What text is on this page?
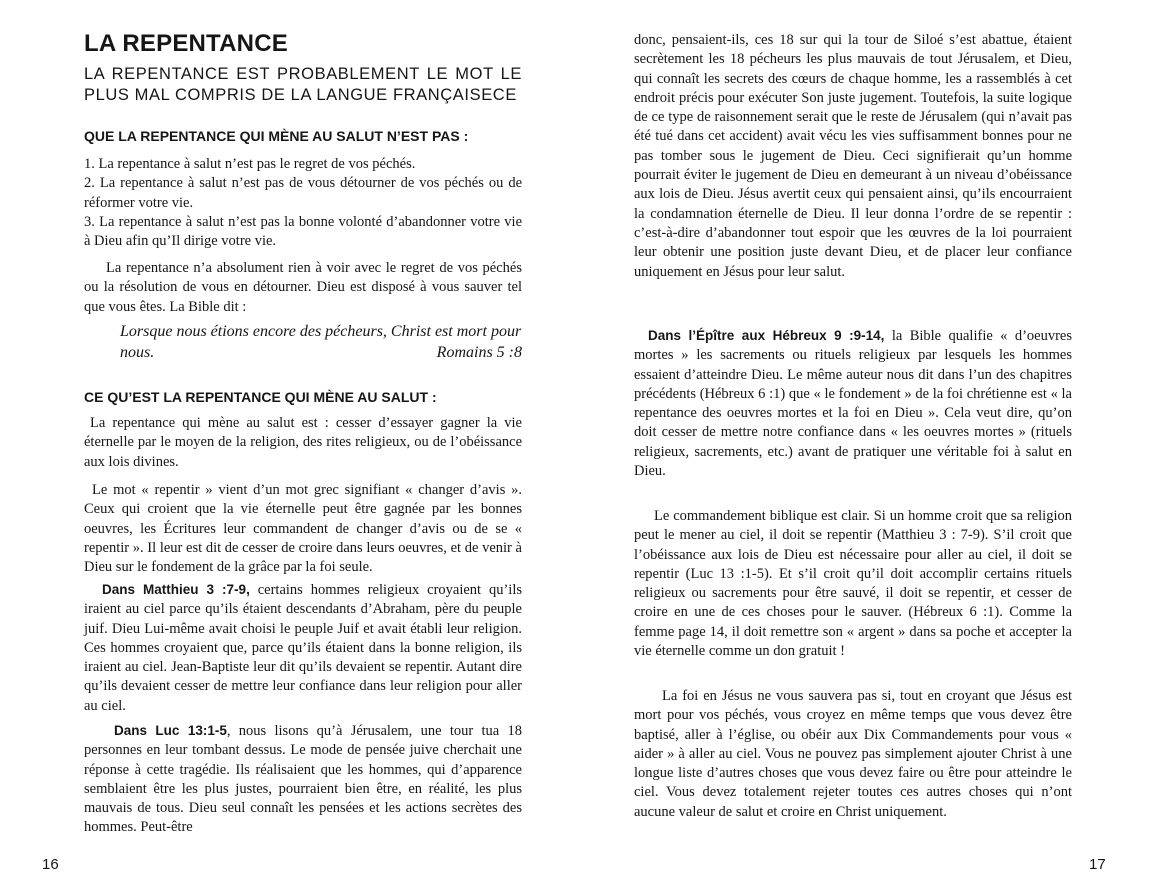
LA REPENTANCE

LA REPENTANCE EST PROBABLEMENT LE MOT LE PLUS MAL COMPRIS DE LA LANGUE FRANÇAISECE

QUE LA REPENTANCE QUI MÈNE AU SALUT N’EST PAS :

1. La repentance à salut n’est pas le regret de vos péchés.
2. La repentance à salut n’est pas de vous détourner de vos péchés ou de réformer votre vie.
3. La repentance à salut n’est pas la bonne volonté d’abandonner votre vie à Dieu afin qu’Il dirige votre vie.

La repentance n’a absolument rien à voir avec le regret de vos péchés ou la résolution de vous en détourner. Dieu est disposé à vous sauver tel que vous êtes. La Bible dit :

Lorsque nous étions encore des pécheurs, Christ est mort pour nous.	Romains 5 :8

CE QU’EST LA REPENTANCE QUI MÈNE AU SALUT :

La repentance qui mène au salut est : cesser d’essayer gagner la vie éternelle par le moyen de la religion, des rites religieux, ou de l’obéissance aux lois divines.

Le mot « repentir » vient d’un mot grec signifiant « changer d’avis ». Ceux qui croient que la vie éternelle peut être gagnée par les bonnes oeuvres, les Écritures leur commandent de changer d’avis ou de se « repentir ». Il leur est dit de cesser de croire dans leurs oeuvres, et de venir à Dieu sur le fondement de la grâce par la foi seule.

Dans Matthieu 3 :7-9, certains hommes religieux croyaient qu’ils iraient au ciel parce qu’ils étaient descendants d’Abraham, père du peuple juif. Dieu Lui-même avait choisi le peuple Juif et avait établi leur religion. Ces hommes croyaient que, parce qu’ils étaient dans la bonne religion, ils iraient au ciel. Jean-Baptiste leur dit qu’ils devaient se repentir. Autant dire qu’ils devaient cesser de mettre leur confiance dans leur religion pour aller au ciel.

Dans Luc 13:1-5, nous lisons qu’à Jérusalem, une tour tua 18 personnes en leur tombant dessus. Le mode de pensée juive cherchait une réponse à cette tragédie. Ils réalisaient que les hommes, qui d’apparence semblaient être les plus justes, pourraient bien être, en réalité, les plus mauvais de tous. Dieu seul connaît les pensées et les actions secrètes des hommes. Peut-être

16

donc, pensaient-ils, ces 18 sur qui la tour de Siloé s’est abattue, étaient secrètement les 18 pécheurs les plus mauvais de tout Jérusalem, et Dieu, qui connaît les secrets des cœurs de chaque homme, les a rassemblés à cet endroit précis pour exécuter Son juste jugement. Toutefois, la suite logique de ce type de raisonnement serait que le reste de Jérusalem (qui n’avait pas été tué dans cet accident) avait vécu les vies suffisamment bonnes pour ne pas tomber sous le jugement de Dieu. Ceci signifierait qu’un homme pourrait éviter le jugement de Dieu en demeurant à un niveau d’obéissance aux lois de Dieu. Jésus avertit ceux qui pensaient ainsi, qu’ils encourraient la condamnation éternelle de Dieu. Il leur donna l’ordre de se repentir : c’est-à-dire d’abandonner tout espoir que les œuvres de la loi pourraient leur obtenir une position juste devant Dieu, et de placer leur confiance uniquement en Jésus pour leur salut.

Dans l’Épître aux Hébreux 9 :9-14, la Bible qualifie « d’oeuvres mortes » les sacrements ou rituels religieux par lesquels les hommes essaient d’atteindre Dieu. Le même auteur nous dit dans l’un des chapitres précédents (Hébreux 6 :1) que « le fondement » de la foi chrétienne est « la repentance des oeuvres mortes et la foi en Dieu ». Cela veut dire, qu’on doit cesser de mettre notre confiance dans « les oeuvres mortes » (rituels religieux, sacrements, etc.) avant de pratiquer une véritable foi à salut en Dieu.

Le commandement biblique est clair. Si un homme croit que sa religion peut le mener au ciel, il doit se repentir (Matthieu 3 : 7-9). S’il croit que l’obéissance aux lois de Dieu est nécessaire pour aller au ciel, il doit se repentir (Luc 13 :1-5). Et s’il croit qu’il doit accomplir certains rituels religieux ou sacrements pour être sauvé, il doit se repentir, et cesser de croire en une de ces choses pour le sauver. (Hébreux 6 :1). Comme la femme page 14, il doit remettre son « argent » dans sa poche et accepter la vie éternelle comme un don gratuit !

La foi en Jésus ne vous sauvera pas si, tout en croyant que Jésus est mort pour vos péchés, vous croyez en même temps que vous devez être baptisé, aller à l’église, ou obéir aux Dix Commandements pour vous « aider » à aller au ciel. Vous ne pouvez pas simplement ajouter Christ à une longue liste d’autres choses que vous devez faire ou être pour atteindre le ciel. Vous devez totalement rejeter toutes ces autres choses qui n’ont aucune valeur de salut et croire en Christ uniquement.

17
